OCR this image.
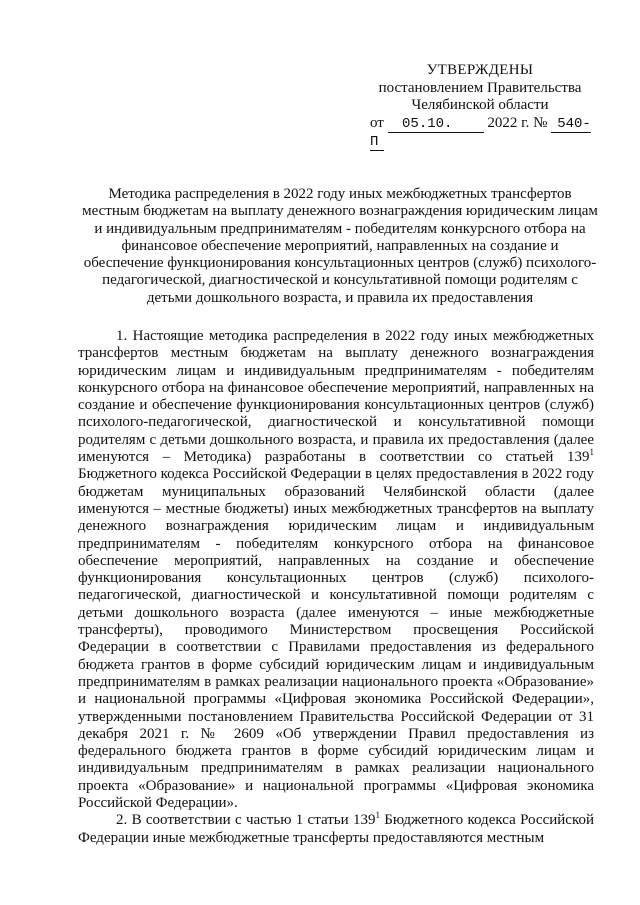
УТВЕРЖДЕНЫ
постановлением Правительства
Челябинской области
от 05.10. 2022 г. № 540-П
Методика распределения в 2022 году иных межбюджетных трансфертов местным бюджетам на выплату денежного вознаграждения юридическим лицам и индивидуальным предпринимателям - победителям конкурсного отбора на финансовое обеспечение мероприятий, направленных на создание и обеспечение функционирования консультационных центров (служб) психолого-педагогической, диагностической и консультативной помощи родителям с детьми дошкольного возраста, и правила их предоставления

1. Настоящие методика распределения в 2022 году иных межбюджетных трансфертов местным бюджетам на выплату денежного вознаграждения юридическим лицам и индивидуальным предпринимателям - победителям конкурсного отбора на финансовое обеспечение мероприятий, направленных на создание и обеспечение функционирования консультационных центров (служб) психолого-педагогической, диагностической и консультативной помощи родителям с детьми дошкольного возраста, и правила их предоставления (далее именуются – Методика) разработаны в соответствии со статьей $139^1$ Бюджетного кодекса Российской Федерации в целях предоставления в 2022 году бюджетам муниципальных образований Челябинской области (далее именуются – местные бюджеты) иных межбюджетных трансфертов на выплату денежного вознаграждения юридическим лицам и индивидуальным предпринимателям - победителям конкурсного отбора на финансовое обеспечение мероприятий, направленных на создание и обеспечение функционирования консультационных центров (служб) психолого-педагогической, диагностической и консультативной помощи родителям с детьми дошкольного возраста (далее именуются – иные межбюджетные трансферты), проводимого Министерством просвещения Российской Федерации в соответствии с Правилами предоставления из федерального бюджета грантов в форме субсидий юридическим лицам и индивидуальным предпринимателям в рамках реализации национального проекта «Образование» и национальной программы «Цифровая экономика Российской Федерации», утвержденными постановлением Правительства Российской Федерации от 31 декабря 2021 г. № 2609 «Об утверждении Правил предоставления из федерального бюджета грантов в форме субсидий юридическим лицам и индивидуальным предпринимателям в рамках реализации национального проекта «Образование» и национальной программы «Цифровая экономика Российской Федерации».

2. В соответствии с частью 1 статьи $139^1$ Бюджетного кодекса Российской Федерации иные межбюджетные трансферты предоставляются местным
